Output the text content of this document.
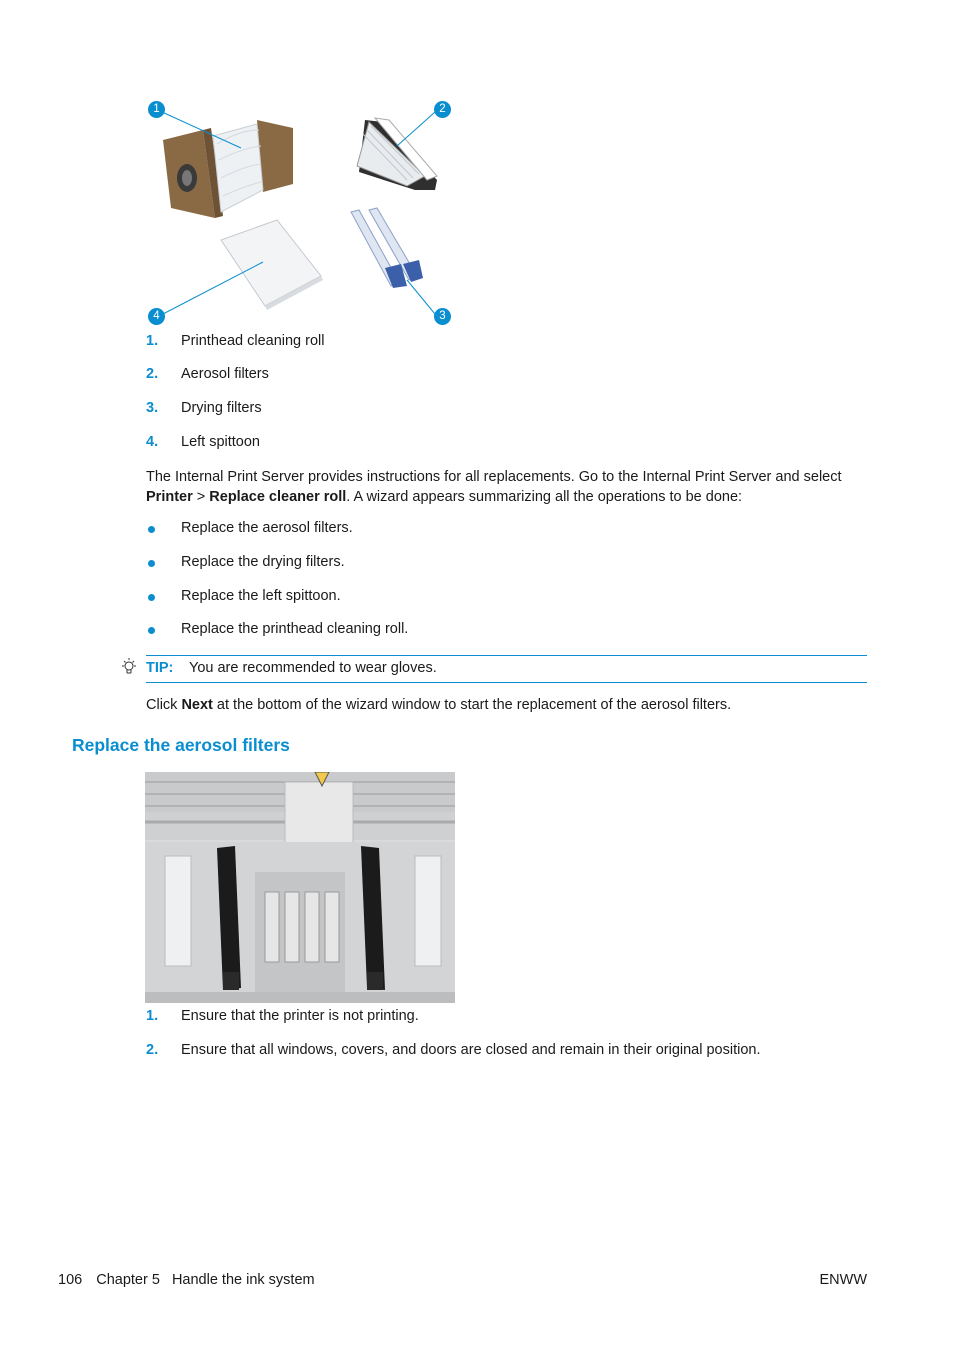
1	2
3
4
1. Printhead cleaning roll
2. Aerosol filters
3. Drying filters
4. Left spittoon
The Internal Print Server provides instructions for all replacements. Go to the Internal Print Server and select
Printer > Replace cleaner roll. A wizard appears summarizing all the operations to be done:
Replace the aerosol filters.
Replace the drying filters.
Replace the left spittoon.
Replace the printhead cleaning roll.
TIP: You are recommended to wear gloves.
Click Next at the bottom of the wizard window to start the replacement of the aerosol filters.
Replace the aerosol filters
1. Ensure that the printer is not printing.
2. Ensure that all windows, covers, and doors are closed and remain in their original position.
106 Chapter 5 Handle the ink system	ENWW
